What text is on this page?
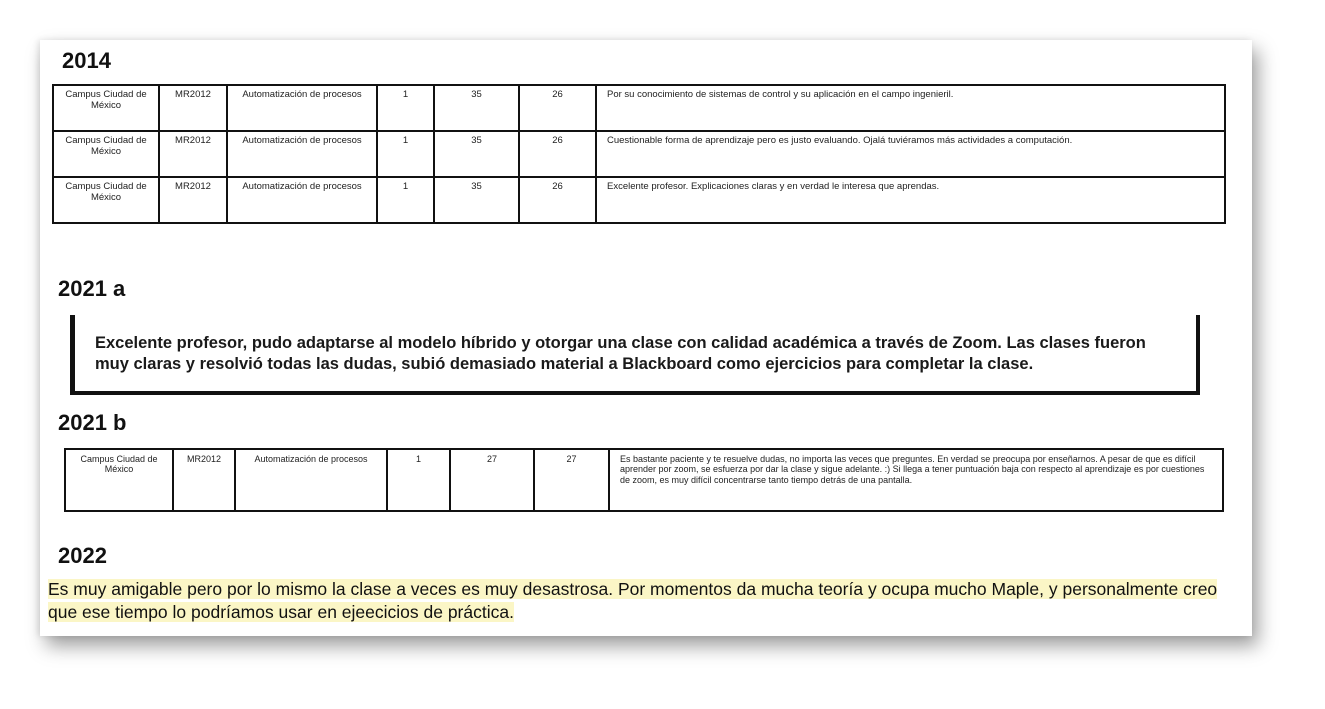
2014
Campus Ciudad de México	MR2012	Automatización de procesos	1	35	26	Por su conocimiento de sistemas de control y su aplicación en el campo ingenieril.
Campus Ciudad de México	MR2012	Automatización de procesos	1	35	26	Cuestionable forma de aprendizaje pero es justo evaluando. Ojalá tuviéramos más actividades a computación.
Campus Ciudad de México	MR2012	Automatización de procesos	1	35	26	Excelente profesor. Explicaciones claras y en verdad le interesa que aprendas.
2021 a
Excelente profesor, pudo adaptarse al modelo híbrido y otorgar una clase con calidad académica a través de Zoom. Las clases fueron muy claras y resolvió todas las dudas, subió demasiado material a Blackboard como ejercicios para completar la clase.
2021 b
Campus Ciudad de México	MR2012	Automatización de procesos	1	27	27	Es bastante paciente y te resuelve dudas, no importa las veces que preguntes. En verdad se preocupa por enseñarnos. A pesar de que es difícil aprender por zoom, se esfuerza por dar la clase y sigue adelante. :) Si llega a tener puntuación baja con respecto al aprendizaje es por cuestiones de zoom, es muy difícil concentrarse tanto tiempo detrás de una pantalla.
2022

Es muy amigable pero por lo mismo la clase a veces es muy desastrosa. Por momentos da mucha teoría y ocupa mucho Maple, y personalmente creo que ese tiempo lo podríamos usar en ejeecicios de práctica.
